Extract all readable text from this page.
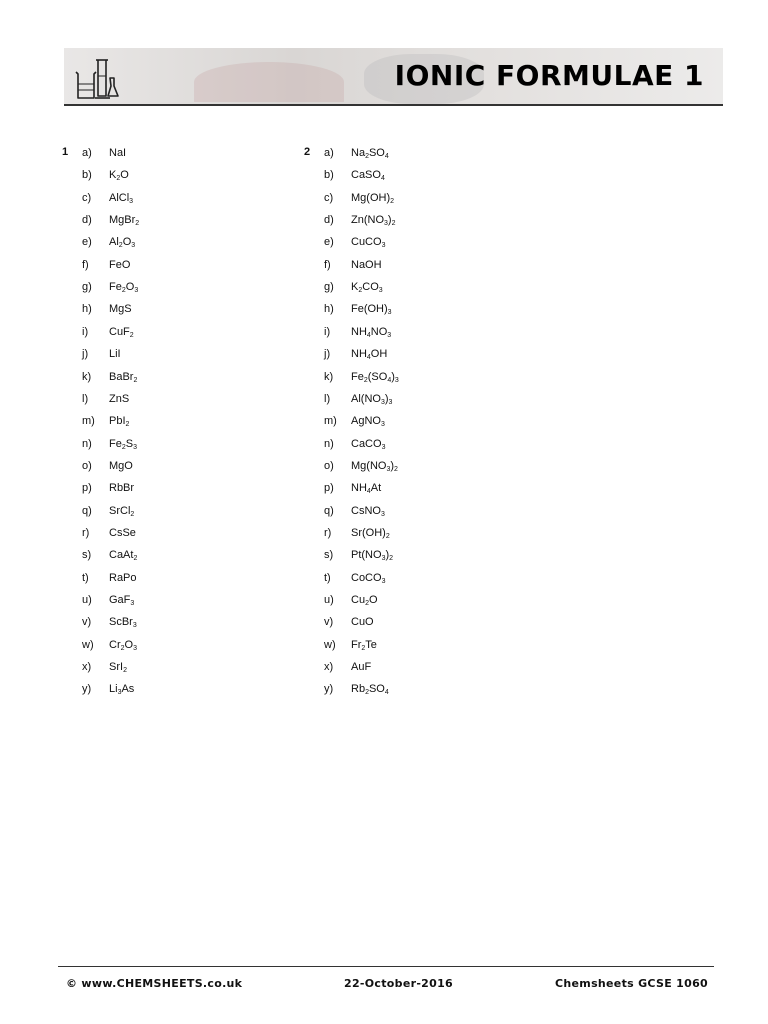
IONIC FORMULAE 1
1 a) NaI
b) $K_2O$
c) AlCl$_3$
d) MgBr$_2$
e) $Al_2O_3$
f) FeO
g) $Fe_2O_3$
h) MgS
i) CuF$_2$
j) LiI
k) BaBr$_2$
l) ZnS
m) PbI$_2$
n) $Fe_2S_3$
o) MgO
p) RbBr
q) SrCl$_2$
r) CsSe
s) CaAt$_2$
t) RaPo
u) GaF$_3$
v) ScBr$_3$
w) $Cr_2O_3$
x) SrI$_2$
y) $Li_3As$
2 a) $Na_2SO_4$
b) CaSO$_4$
c) $Mg(OH)_2$
d) $Zn(NO_3)_2$
e) CuCO$_3$
f) NaOH
g) $K_2CO_3$
h) $Fe(OH)_3$
i) $NH_4NO_3$
j) $NH_4OH$
k) $Fe_2(SO_4)_3$
l) $Al(NO_3)_3$
m) AgNO$_3$
n) CaCO$_3$
o) $Mg(NO_3)_2$
p) $NH_4At$
q) CsNO$_3$
r) $Sr(OH)_2$
s) $Pt(NO_3)_2$
t) CoCO$_3$
u) $Cu_2O$
v) CuO
w) $Fr_2Te$
x) AuF
y) $Rb_2SO_4$
© www.CHEMSHEETS.co.uk	22-October-2016	Chemsheets GCSE 1060
